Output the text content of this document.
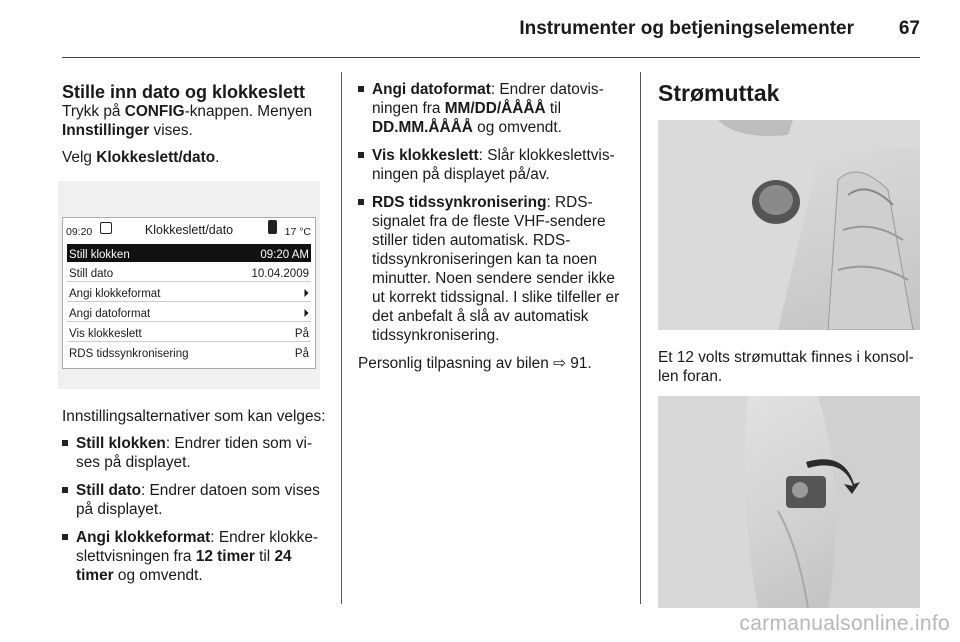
Instrumenter og betjeningselementer 67
Stille inn dato og klokkeslett

Trykk på CONFIG-knappen. Menyen Innstillinger vises.

Velg Klokkeslett/dato.

09:20	Klokkeslett/dato	17 °C
Still klokken	09:20 AM
Still dato	10.04.2009
Angi klokkeformat	⏵
Angi datoformat	⏵
Vis klokkeslett	På
RDS tidssynkronisering	På

Innstillingsalternativer som kan velges:

Still klokken: Endrer tiden som vises på displayet.
Still dato: Endrer datoen som vises på displayet.
Angi klokkeformat: Endrer klokkeslettvisningen fra 12 timer til 24 timer og omvendt.
Angi datoformat: Endrer datovisningen fra MM/DD/ÅÅÅÅ til DD.MM.ÅÅÅÅ og omvendt.
Vis klokkeslett: Slår klokkeslettvisningen på displayet på/av.
RDS tidssynkronisering: RDS-signalet fra de fleste VHF-sendere stiller tiden automatisk. RDS-tidssynkroniseringen kan ta noen minutter. Noen sendere sender ikke ut korrekt tidssignal. I slike tilfeller er det anbefalt å slå av automatisk tidssynkronisering.

Personlig tilpasning av bilen ⇨ 91.

Strømuttak

Et 12 volts strømuttak finnes i konsollen foran.

carmanualsonline.info
